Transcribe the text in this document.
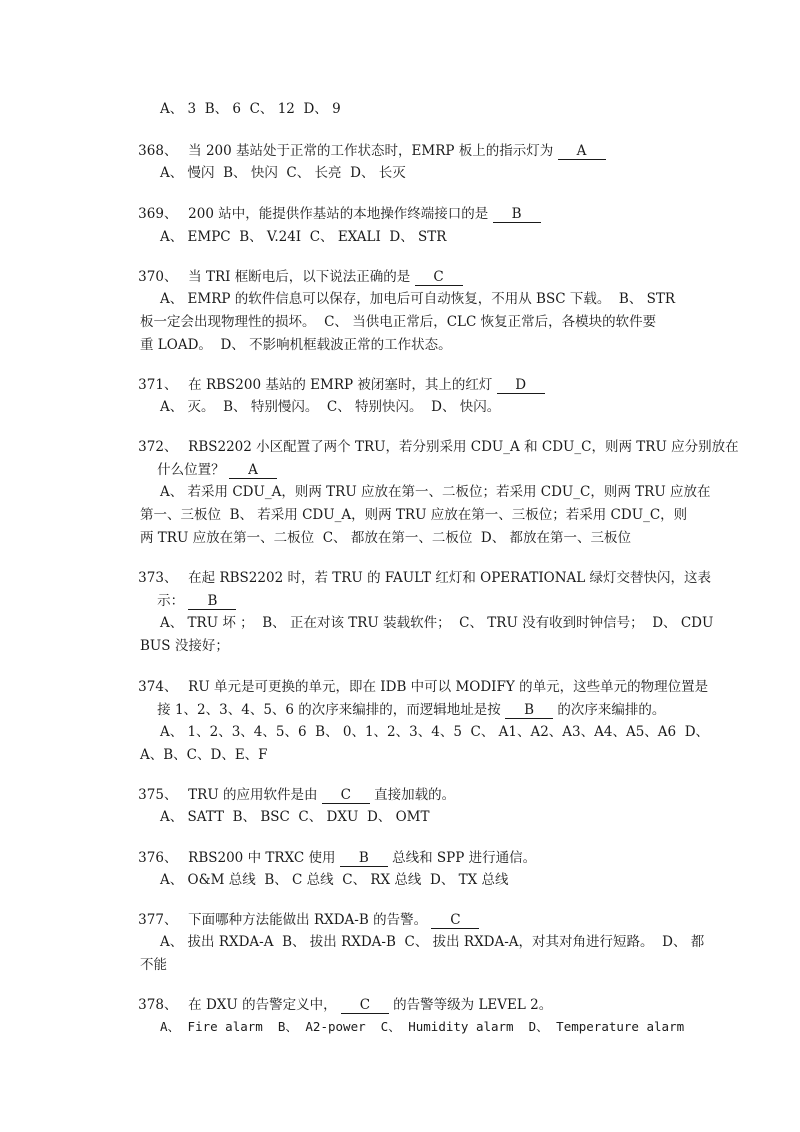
A、 3  B、 6  C、 12  D、 9

368、 当 200 基站处于正常的工作状态时，EMRP 板上的指示灯为 A

A、 慢闪  B、 快闪  C、 长亮  D、 长灭

369、 200 站中，能提供作基站的本地操作终端接口的是 B

A、 EMPC  B、 V.24I  C、 EXALI  D、 STR

370、 当 TRI 框断电后，以下说法正确的是 C

A、 EMRP 的软件信息可以保存，加电后可自动恢复，不用从 BSC 下载。  B、 STR
板一定会出现物理性的损坏。  C、 当供电正常后，CLC 恢复正常后，各模块的软件要
重 LOAD。  D、 不影响机框载波正常的工作状态。

371、 在 RBS200 基站的 EMRP 被闭塞时，其上的红灯 D

A、 灭。  B、 特别慢闪。  C、 特别快闪。  D、 快闪。

372、 RBS2202 小区配置了两个 TRU，若分别采用 CDU_A 和 CDU_C，则两 TRU 应分别放在

什么位置？ A

A、 若采用 CDU_A，则两 TRU 应放在第一、二板位；若采用 CDU_C，则两 TRU 应放在
第一、三板位  B、 若采用 CDU_A，则两 TRU 应放在第一、三板位；若采用 CDU_C，则
两 TRU 应放在第一、二板位  C、 都放在第一、二板位  D、 都放在第一、三板位

373、 在起 RBS2202 时，若 TRU 的 FAULT 红灯和 OPERATIONAL 绿灯交替快闪，这表

示： B

A、 TRU 坏 ；  B、 正在对该 TRU 装载软件；  C、 TRU 没有收到时钟信号；  D、 CDU
BUS 没接好；

374、 RU 单元是可更换的单元，即在 IDB 中可以 MODIFY 的单元，这些单元的物理位置是

接 1、2、3、4、5、6 的次序来编排的，而逻辑地址是按 B 的次序来编排的。

A、 1、2、3、4、5、6  B、 0、1、2、3、4、5  C、 A1、A2、A3、A4、A5、A6  D、
A、B、C、D、E、F

375、 TRU 的应用软件是由 C 直接加载的。

A、 SATT  B、 BSC  C、 DXU  D、 OMT

376、 RBS200 中 TRXC 使用 B 总线和 SPP 进行通信。

A、 O&M 总线  B、 C 总线  C、 RX 总线  D、 TX 总线

377、 下面哪种方法能做出 RXDA-B 的告警。 C

A、 拔出 RXDA-A  B、 拔出 RXDA-B  C、 拔出 RXDA-A，对其对角进行短路。  D、 都
不能

378、 在 DXU 的告警定义中， C 的告警等级为 LEVEL 2。

A、 Fire alarm  B、 A2-power  C、 Humidity alarm  D、 Temperature alarm
